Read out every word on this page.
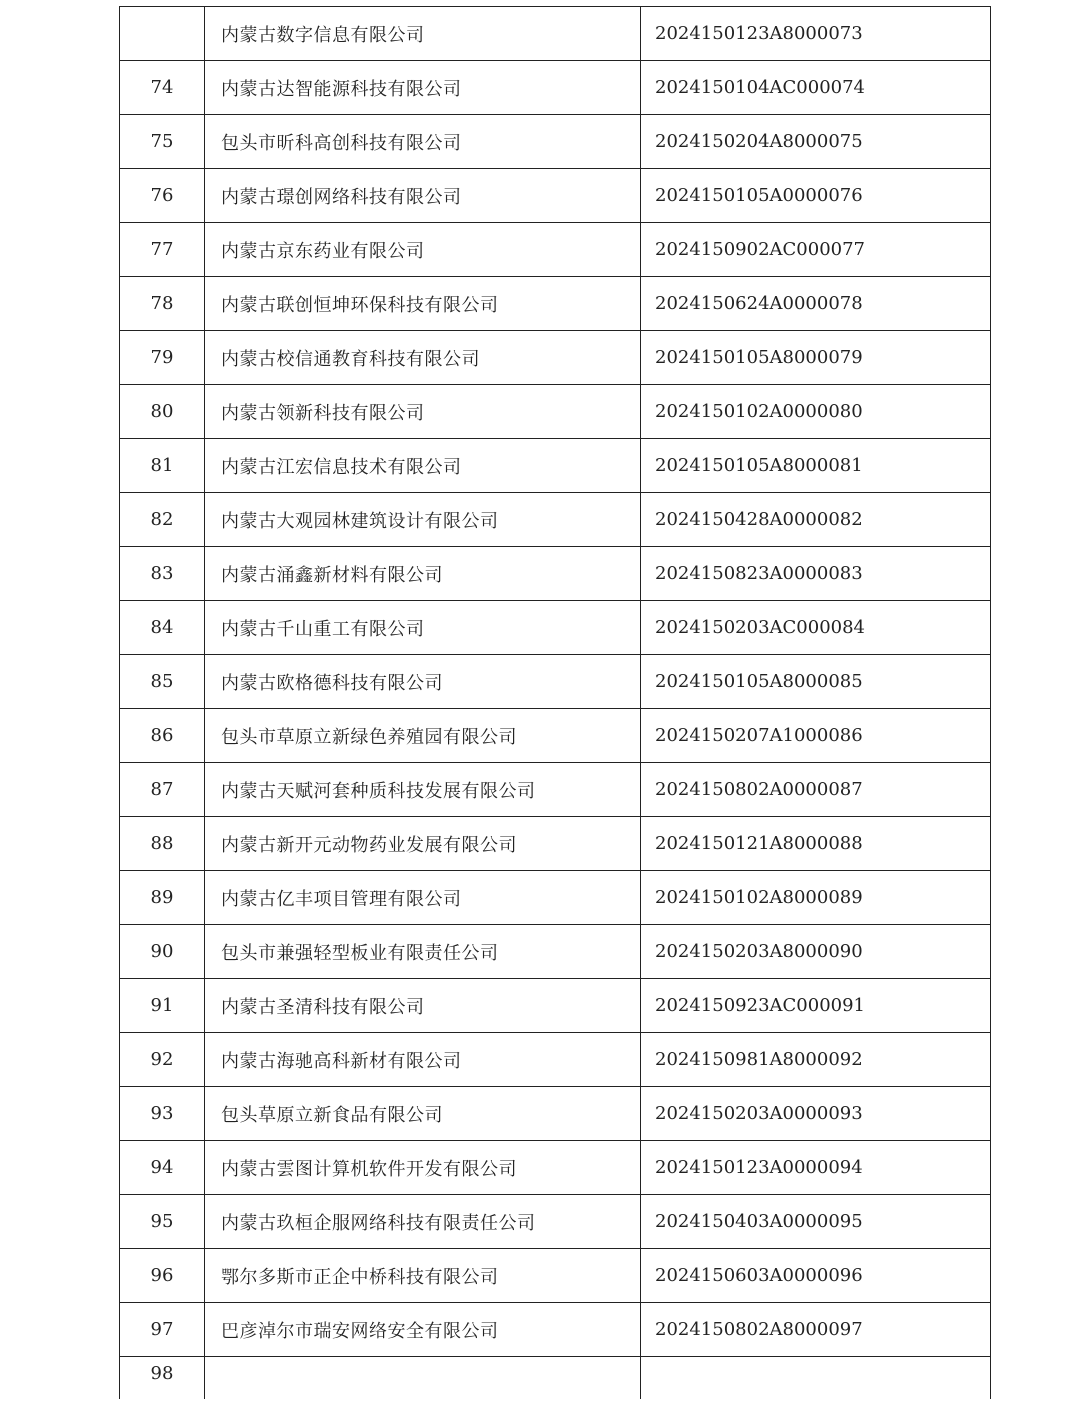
	内蒙古数字信息有限公司	2024150123A8000073
74	内蒙古达智能源科技有限公司	2024150104AC000074
75	包头市昕科高创科技有限公司	2024150204A8000075
76	内蒙古璟创网络科技有限公司	2024150105A0000076
77	内蒙古京东药业有限公司	2024150902AC000077
78	内蒙古联创恒坤环保科技有限公司	2024150624A0000078
79	内蒙古校信通教育科技有限公司	2024150105A8000079
80	内蒙古领新科技有限公司	2024150102A0000080
81	内蒙古江宏信息技术有限公司	2024150105A8000081
82	内蒙古大观园林建筑设计有限公司	2024150428A0000082
83	内蒙古涌鑫新材料有限公司	2024150823A0000083
84	内蒙古千山重工有限公司	2024150203AC000084
85	内蒙古欧格德科技有限公司	2024150105A8000085
86	包头市草原立新绿色养殖园有限公司	2024150207A1000086
87	内蒙古天赋河套种质科技发展有限公司	2024150802A0000087
88	内蒙古新开元动物药业发展有限公司	2024150121A8000088
89	内蒙古亿丰项目管理有限公司	2024150102A8000089
90	包头市兼强轻型板业有限责任公司	2024150203A8000090
91	内蒙古圣清科技有限公司	2024150923AC000091
92	内蒙古海驰高科新材有限公司	2024150981A8000092
93	包头草原立新食品有限公司	2024150203A0000093
94	内蒙古雲图计算机软件开发有限公司	2024150123A0000094
95	内蒙古玖桓企服网络科技有限责任公司	2024150403A0000095
96	鄂尔多斯市正企中桥科技有限公司	2024150603A0000096
97	巴彦淖尔市瑞安网络安全有限公司	2024150802A8000097
98		
